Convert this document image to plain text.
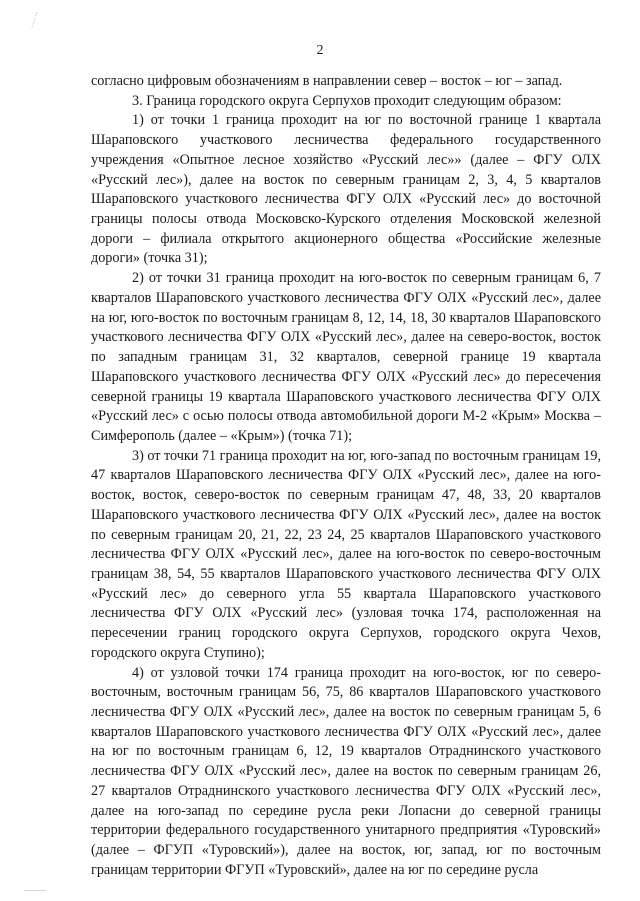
2

согласно цифровым обозначениям в направлении север – восток – юг – запад.

3. Граница городского округа Серпухов проходит следующим образом:

1) от точки 1 граница проходит на юг по восточной границе 1 квартала Шараповского участкового лесничества федерального государственного учреждения «Опытное лесное хозяйство «Русский лес»» (далее – ФГУ ОЛХ «Русский лес»), далее на восток по северным границам 2, 3, 4, 5 кварталов Шараповского участкового лесничества ФГУ ОЛХ «Русский лес» до восточной границы полосы отвода Московско-Курского отделения Московской железной дороги – филиала открытого акционерного общества «Российские железные дороги» (точка 31);

2) от точки 31 граница проходит на юго-восток по северным границам 6, 7 кварталов Шараповского участкового лесничества ФГУ ОЛХ «Русский лес», далее на юг, юго-восток по восточным границам 8, 12, 14, 18, 30 кварталов Шараповского участкового лесничества ФГУ ОЛХ «Русский лес», далее на северо-восток, восток по западным границам 31, 32 кварталов, северной границе 19 квартала Шараповского участкового лесничества ФГУ ОЛХ «Русский лес» до пересечения северной границы 19 квартала Шараповского участкового лесничества ФГУ ОЛХ «Русский лес» с осью полосы отвода автомобильной дороги М-2 «Крым» Москва – Симферополь (далее – «Крым») (точка 71);

3) от точки 71 граница проходит на юг, юго-запад по восточным границам 19, 47 кварталов Шараповского лесничества ФГУ ОЛХ «Русский лес», далее на юго-восток, восток, северо-восток по северным границам 47, 48, 33, 20 кварталов Шараповского участкового лесничества ФГУ ОЛХ «Русский лес», далее на восток по северным границам 20, 21, 22, 23 24, 25 кварталов Шараповского участкового лесничества ФГУ ОЛХ «Русский лес», далее на юго-восток по северо-восточным границам 38, 54, 55 кварталов Шараповского участкового лесничества ФГУ ОЛХ «Русский лес» до северного угла 55 квартала Шараповского участкового лесничества ФГУ ОЛХ «Русский лес» (узловая точка 174, расположенная на пересечении границ городского округа Серпухов, городского округа Чехов, городского округа Ступино);

4) от узловой точки 174 граница проходит на юго-восток, юг по северо-восточным, восточным границам 56, 75, 86 кварталов Шараповского участкового лесничества ФГУ ОЛХ «Русский лес», далее на восток по северным границам 5, 6 кварталов Шараповского участкового лесничества ФГУ ОЛХ «Русский лес», далее на юг по восточным границам 6, 12, 19 кварталов Отраднинского участкового лесничества ФГУ ОЛХ «Русский лес», далее на восток по северным границам 26, 27 кварталов Отраднинского участкового лесничества ФГУ ОЛХ «Русский лес», далее на юго-запад по середине русла реки Лопасни до северной границы территории федерального государственного унитарного предприятия «Туровский» (далее – ФГУП «Туровский»), далее на восток, юг, запад, юг по восточным границам территории ФГУП «Туровский», далее на юг по середине русла
